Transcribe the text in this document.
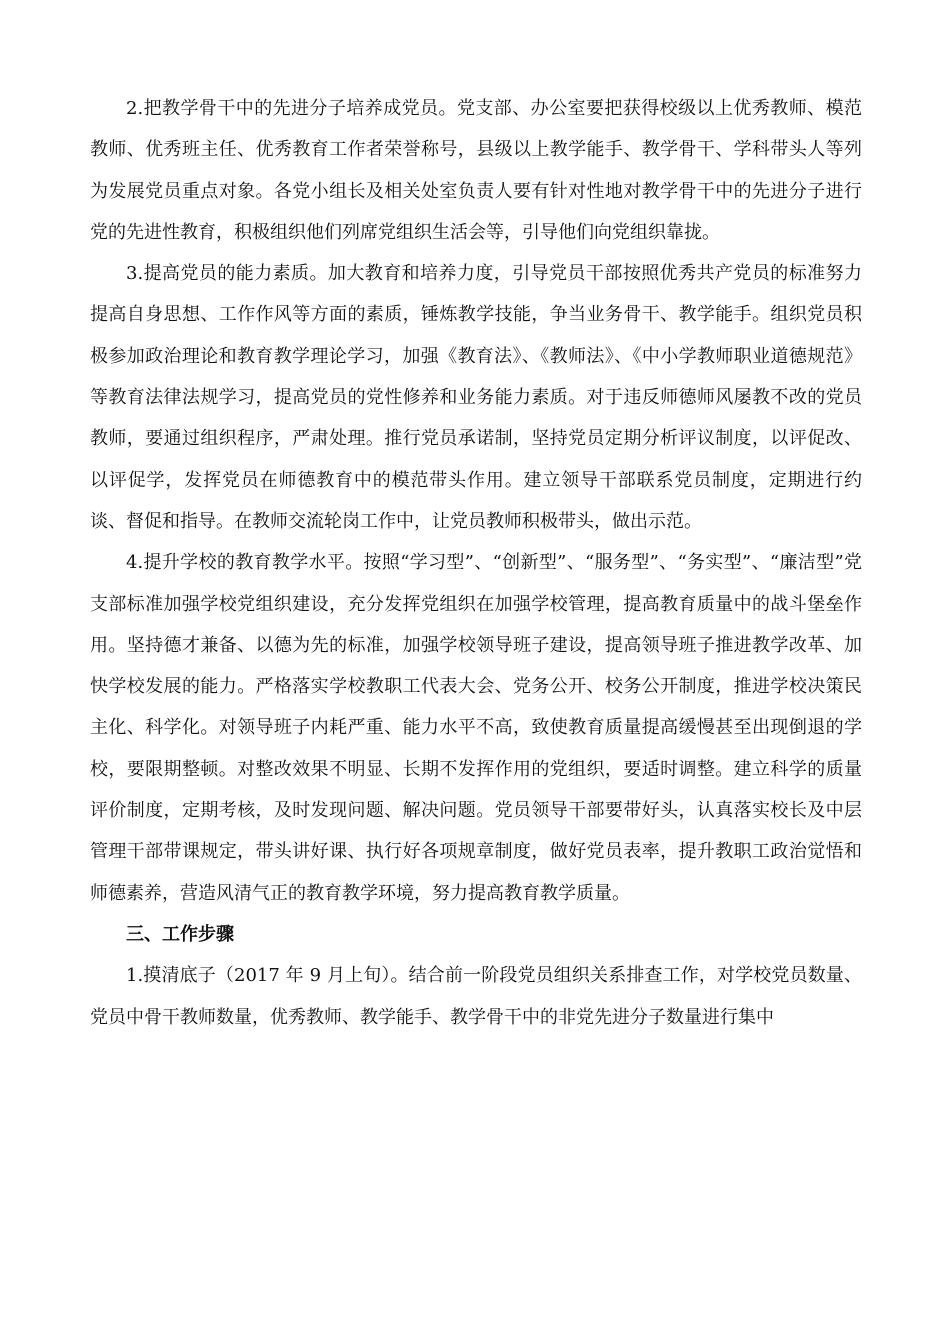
2.把教学骨干中的先进分子培养成党员。党支部、办公室要把获得校级以上优秀教师、模范教师、优秀班主任、优秀教育工作者荣誉称号，县级以上教学能手、教学骨干、学科带头人等列为发展党员重点对象。各党小组长及相关处室负责人要有针对性地对教学骨干中的先进分子进行党的先进性教育，积极组织他们列席党组织生活会等，引导他们向党组织靠拢。

3.提高党员的能力素质。加大教育和培养力度，引导党员干部按照优秀共产党员的标准努力提高自身思想、工作作风等方面的素质，锤炼教学技能，争当业务骨干、教学能手。组织党员积极参加政治理论和教育教学理论学习，加强《教育法》、《教师法》、《中小学教师职业道德规范》等教育法律法规学习，提高党员的党性修养和业务能力素质。对于违反师德师风屡教不改的党员教师，要通过组织程序，严肃处理。推行党员承诺制，坚持党员定期分析评议制度，以评促改、以评促学，发挥党员在师德教育中的模范带头作用。建立领导干部联系党员制度，定期进行约谈、督促和指导。在教师交流轮岗工作中，让党员教师积极带头，做出示范。

4.提升学校的教育教学水平。按照“学习型”、“创新型”、“服务型”、“务实型”、“廉洁型”党支部标准加强学校党组织建设，充分发挥党组织在加强学校管理，提高教育质量中的战斗堡垒作用。坚持德才兼备、以德为先的标准，加强学校领导班子建设，提高领导班子推进教学改革、加快学校发展的能力。严格落实学校教职工代表大会、党务公开、校务公开制度，推进学校决策民主化、科学化。对领导班子内耗严重、能力水平不高，致使教育质量提高缓慢甚至出现倒退的学校，要限期整顿。对整改效果不明显、长期不发挥作用的党组织，要适时调整。建立科学的质量评价制度，定期考核，及时发现问题、解决问题。党员领导干部要带好头，认真落实校长及中层管理干部带课规定，带头讲好课、执行好各项规章制度，做好党员表率，提升教职工政治觉悟和师德素养，营造风清气正的教育教学环境，努力提高教育教学质量。

三、工作步骤

1.摸清底子（2017 年 9 月上旬）。结合前一阶段党员组织关系排查工作，对学校党员数量、党员中骨干教师数量，优秀教师、教学能手、教学骨干中的非党先进分子数量进行集中
